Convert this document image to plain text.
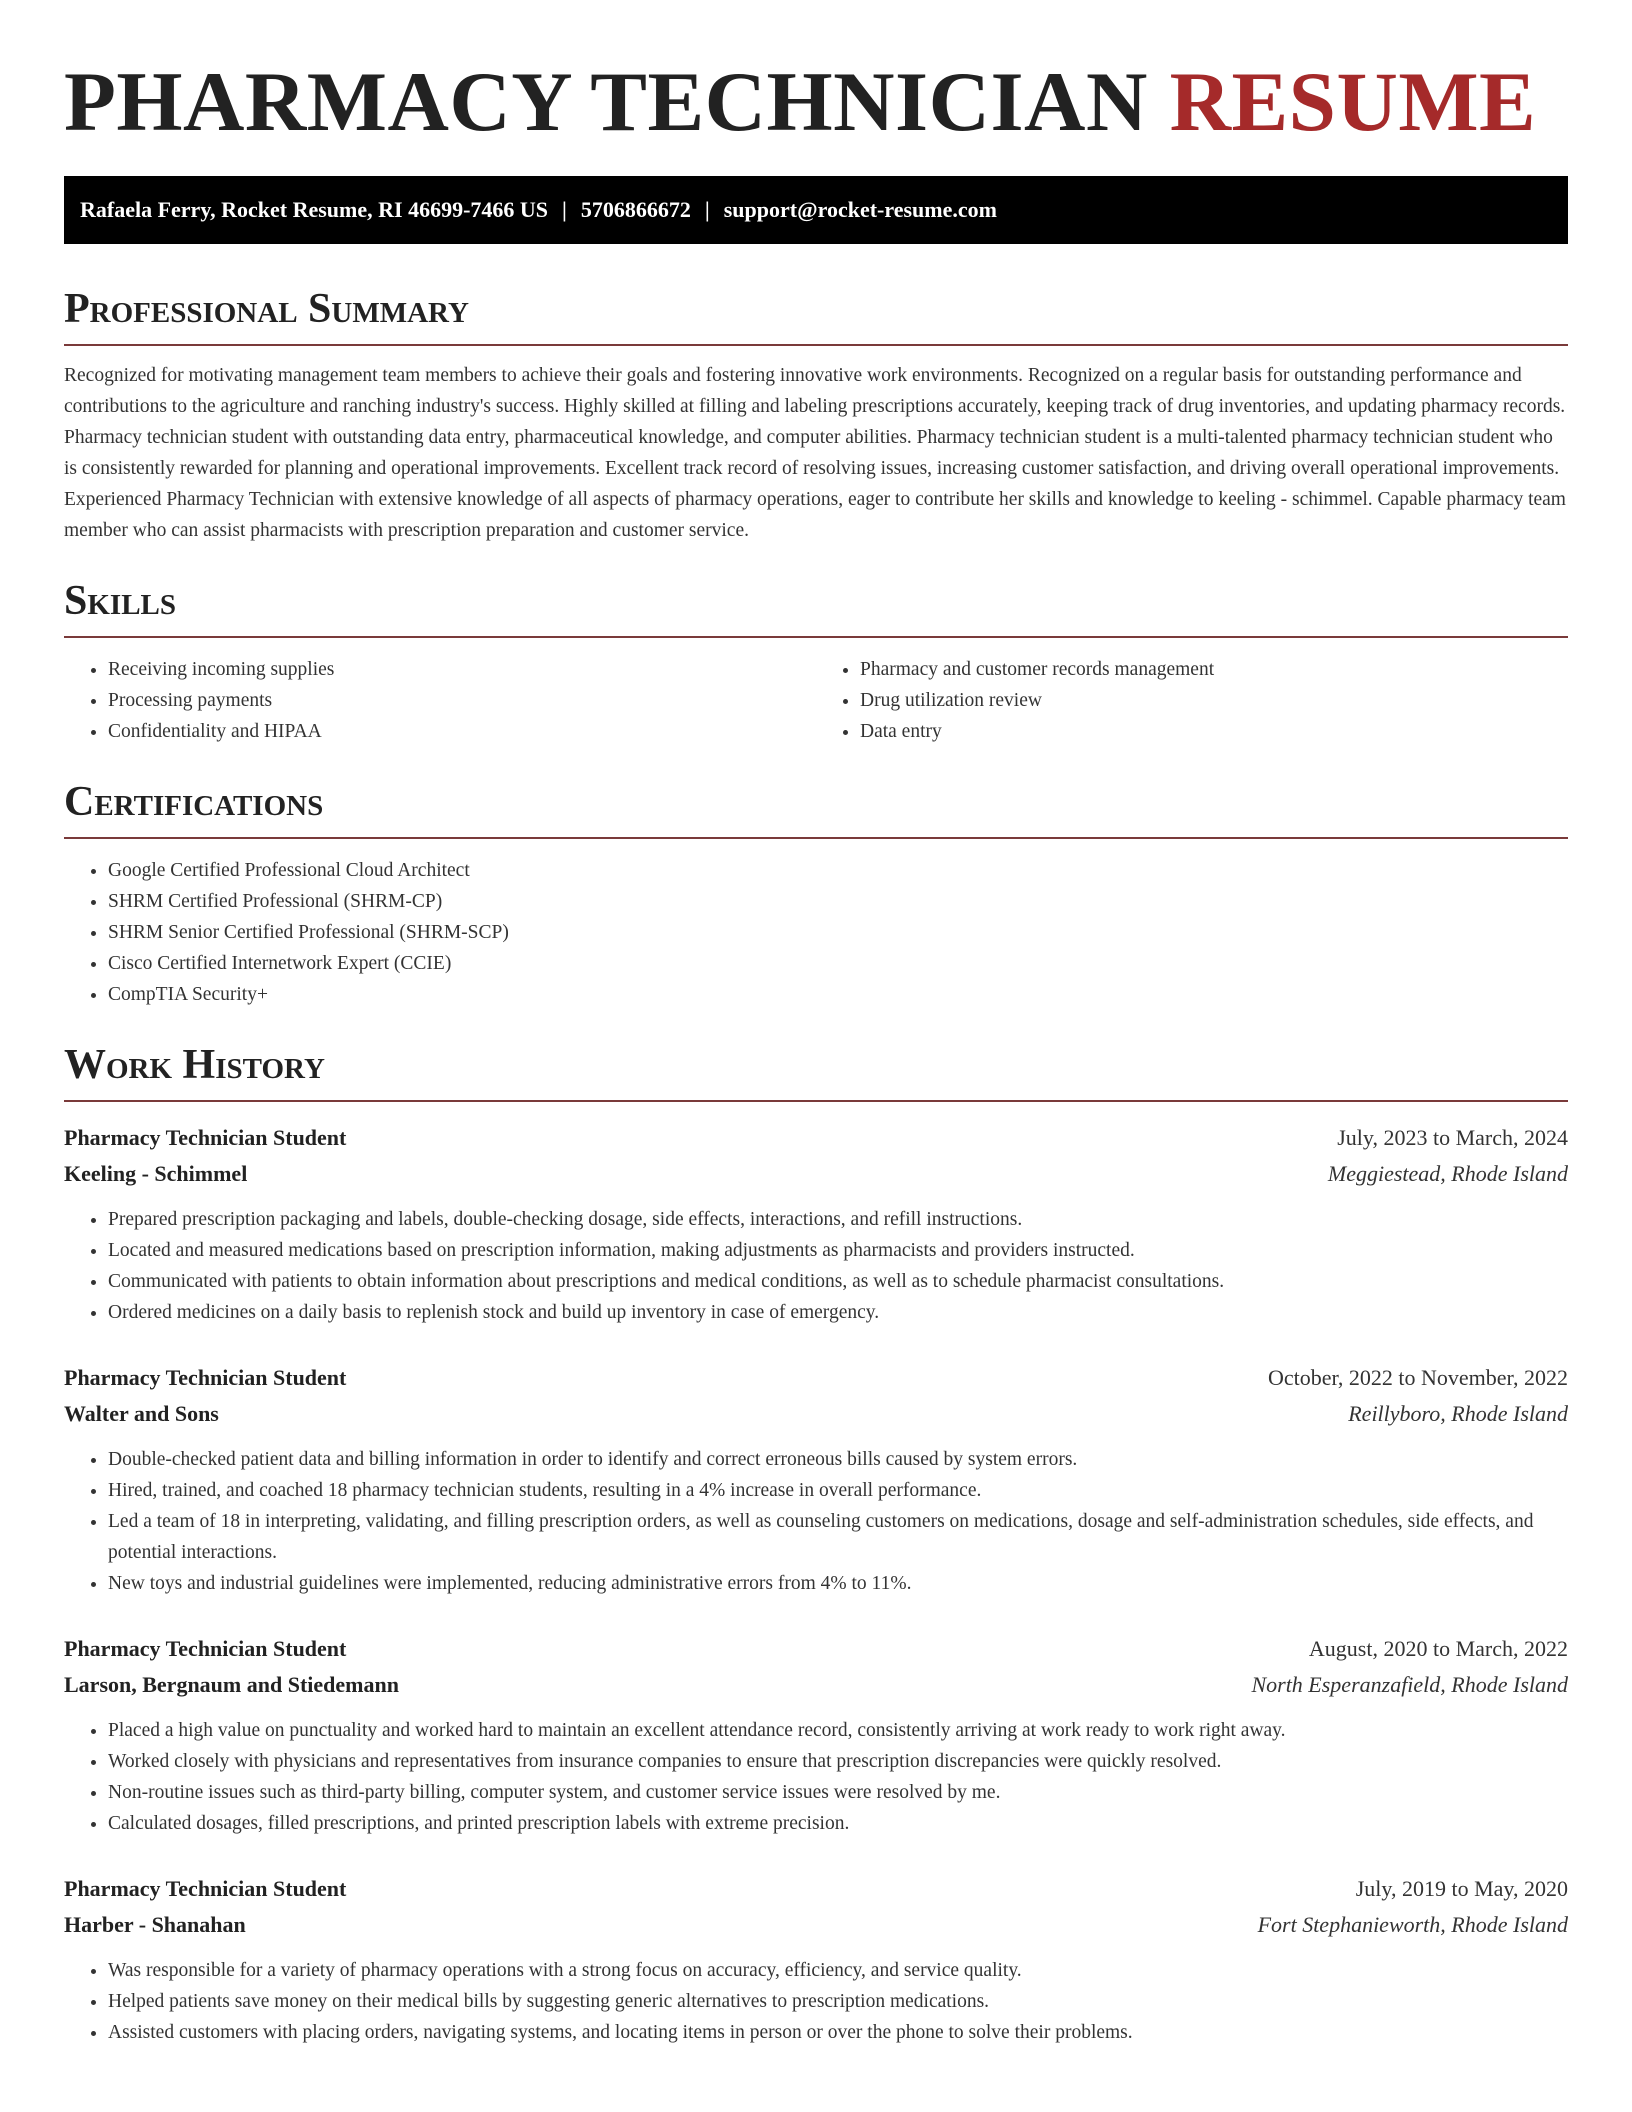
PHARMACY TECHNICIAN RESUME
Rafaela Ferry, Rocket Resume, RI 46699-7466 US | 5706866672 | support@rocket-resume.com
Professional Summary

Recognized for motivating management team members to achieve their goals and fostering innovative work environments. Recognized on a regular basis for outstanding performance and contributions to the agriculture and ranching industry's success. Highly skilled at filling and labeling prescriptions accurately, keeping track of drug inventories, and updating pharmacy records. Pharmacy technician student with outstanding data entry, pharmaceutical knowledge, and computer abilities. Pharmacy technician student is a multi-talented pharmacy technician student who is consistently rewarded for planning and operational improvements. Excellent track record of resolving issues, increasing customer satisfaction, and driving overall operational improvements. Experienced Pharmacy Technician with extensive knowledge of all aspects of pharmacy operations, eager to contribute her skills and knowledge to keeling - schimmel. Capable pharmacy team member who can assist pharmacists with prescription preparation and customer service.

Skills
• Receiving incoming supplies
• Processing payments
• Confidentiality and HIPAA
• Pharmacy and customer records management
• Drug utilization review
• Data entry
Certifications
• Google Certified Professional Cloud Architect
• SHRM Certified Professional (SHRM-CP)
• SHRM Senior Certified Professional (SHRM-SCP)
• Cisco Certified Internetwork Expert (CCIE)
• CompTIA Security+
Work History
Pharmacy Technician Student	July, 2023 to March, 2024
Keeling - Schimmel	Meggiestead, Rhode Island
• Prepared prescription packaging and labels, double-checking dosage, side effects, interactions, and refill instructions.
• Located and measured medications based on prescription information, making adjustments as pharmacists and providers instructed.
• Communicated with patients to obtain information about prescriptions and medical conditions, as well as to schedule pharmacist consultations.
• Ordered medicines on a daily basis to replenish stock and build up inventory in case of emergency.
Pharmacy Technician Student	October, 2022 to November, 2022
Walter and Sons	Reillyboro, Rhode Island
• Double-checked patient data and billing information in order to identify and correct erroneous bills caused by system errors.
• Hired, trained, and coached 18 pharmacy technician students, resulting in a 4% increase in overall performance.
• Led a team of 18 in interpreting, validating, and filling prescription orders, as well as counseling customers on medications, dosage and self-administration schedules, side effects, and potential interactions.
• New toys and industrial guidelines were implemented, reducing administrative errors from 4% to 11%.
Pharmacy Technician Student	August, 2020 to March, 2022
Larson, Bergnaum and Stiedemann	North Esperanzafield, Rhode Island
• Placed a high value on punctuality and worked hard to maintain an excellent attendance record, consistently arriving at work ready to work right away.
• Worked closely with physicians and representatives from insurance companies to ensure that prescription discrepancies were quickly resolved.
• Non-routine issues such as third-party billing, computer system, and customer service issues were resolved by me.
• Calculated dosages, filled prescriptions, and printed prescription labels with extreme precision.
Pharmacy Technician Student	July, 2019 to May, 2020
Harber - Shanahan	Fort Stephanieworth, Rhode Island
• Was responsible for a variety of pharmacy operations with a strong focus on accuracy, efficiency, and service quality.
• Helped patients save money on their medical bills by suggesting generic alternatives to prescription medications.
• Assisted customers with placing orders, navigating systems, and locating items in person or over the phone to solve their problems.
